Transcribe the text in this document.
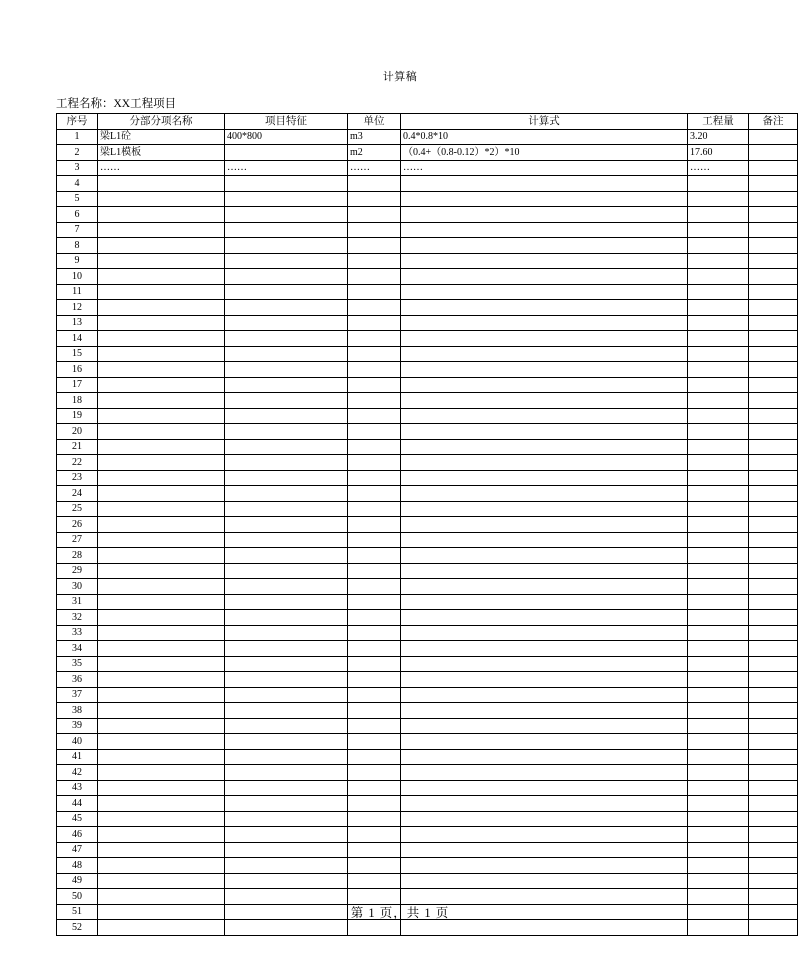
计算稿
工程名称：XX工程项目
序号	分部分项名称	项目特征	单位	计算式	工程量	备注
1	梁L1砼	400*800	m3	0.4*0.8*10	3.20	
2	梁L1模板		m2	（0.4+（0.8-0.12）*2）*10	17.60	
3	……	……	……	……	……	
4						
5						
6						
7						
8						
9						
10						
11						
12						
13						
14						
15						
16						
17						
18						
19						
20						
21						
22						
23						
24						
25						
26						
27						
28						
29						
30						
31						
32						
33						
34						
35						
36						
37						
38						
39						
40						
41						
42						
43						
44						
45						
46						
47						
48						
49						
50						
51						
52						
第 1 页，共 1 页
